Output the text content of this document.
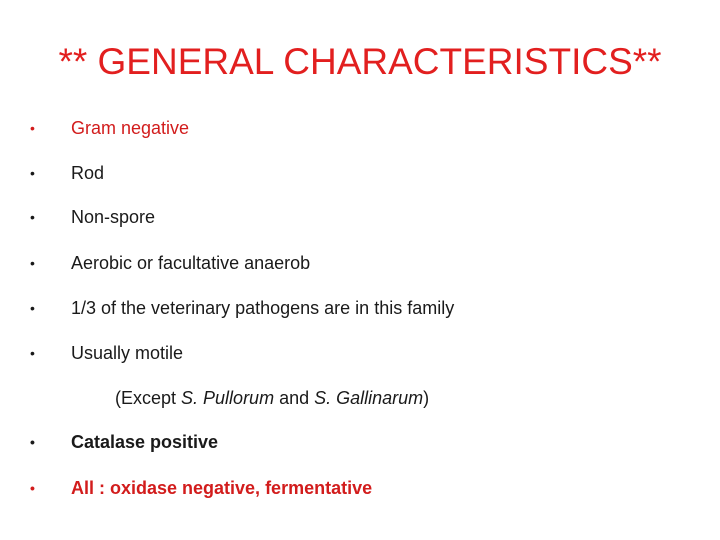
** GENERAL CHARACTERISTICS**
•	Gram negative
•	Rod
•	Non-spore
•	Aerobic or facultative anaerob
•	1/3 of the veterinary pathogens are in this family
•	Usually motile
(Except S. Pullorum and S. Gallinarum)
•	Catalase positive
•	All : oxidase negative, fermentative
